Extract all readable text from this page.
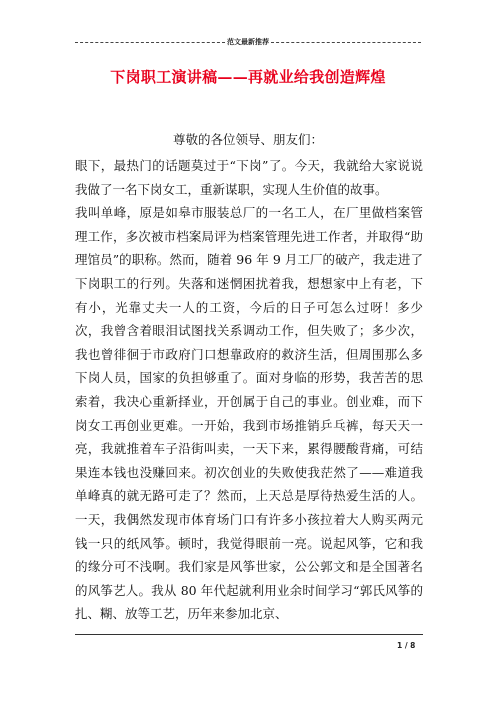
范文最新推荐
下岗职工演讲稿——再就业给我创造辉煌
尊敬的各位领导、朋友们：

眼下，最热门的话题莫过于“下岗”了。今天，我就给大家说说我做了一名下岗女工，重新谋职，实现人生价值的故事。

我叫单峰，原是如皋市服装总厂的一名工人，在厂里做档案管理工作，多次被市档案局评为档案管理先进工作者，并取得“助理馆员”的职称。然而，随着 96 年 9 月工厂的破产，我走进了下岗职工的行列。失落和迷惘困扰着我，想想家中上有老，下有小，光靠丈夫一人的工资，今后的日子可怎么过呀！多少次，我曾含着眼泪试图找关系调动工作，但失败了；多少次，我也曾徘徊于市政府门口想靠政府的救济生活，但周围那么多下岗人员，国家的负担够重了。面对身临的形势，我苦苦的思索着，我决心重新择业，开创属于自己的事业。创业难，而下岗女工再创业更难。一开始，我到市场推销乒乓裤，每天天一亮，我就推着车子沿街叫卖，一天下来，累得腰酸背痛，可结果连本钱也没赚回来。初次创业的失败使我茫然了——难道我单峰真的就无路可走了？然而，上天总是厚待热爱生活的人。一天，我偶然发现市体育场门口有许多小孩拉着大人购买两元钱一只的纸风筝。顿时，我觉得眼前一亮。说起风筝，它和我的缘分可不浅啊。我们家是风筝世家，公公郭文和是全国著名的风筝艺人。我从 80 年代起就利用业余时间学习“郭氏风筝的扎、糊、放等工艺，历年来参加北京、

1 / 8
